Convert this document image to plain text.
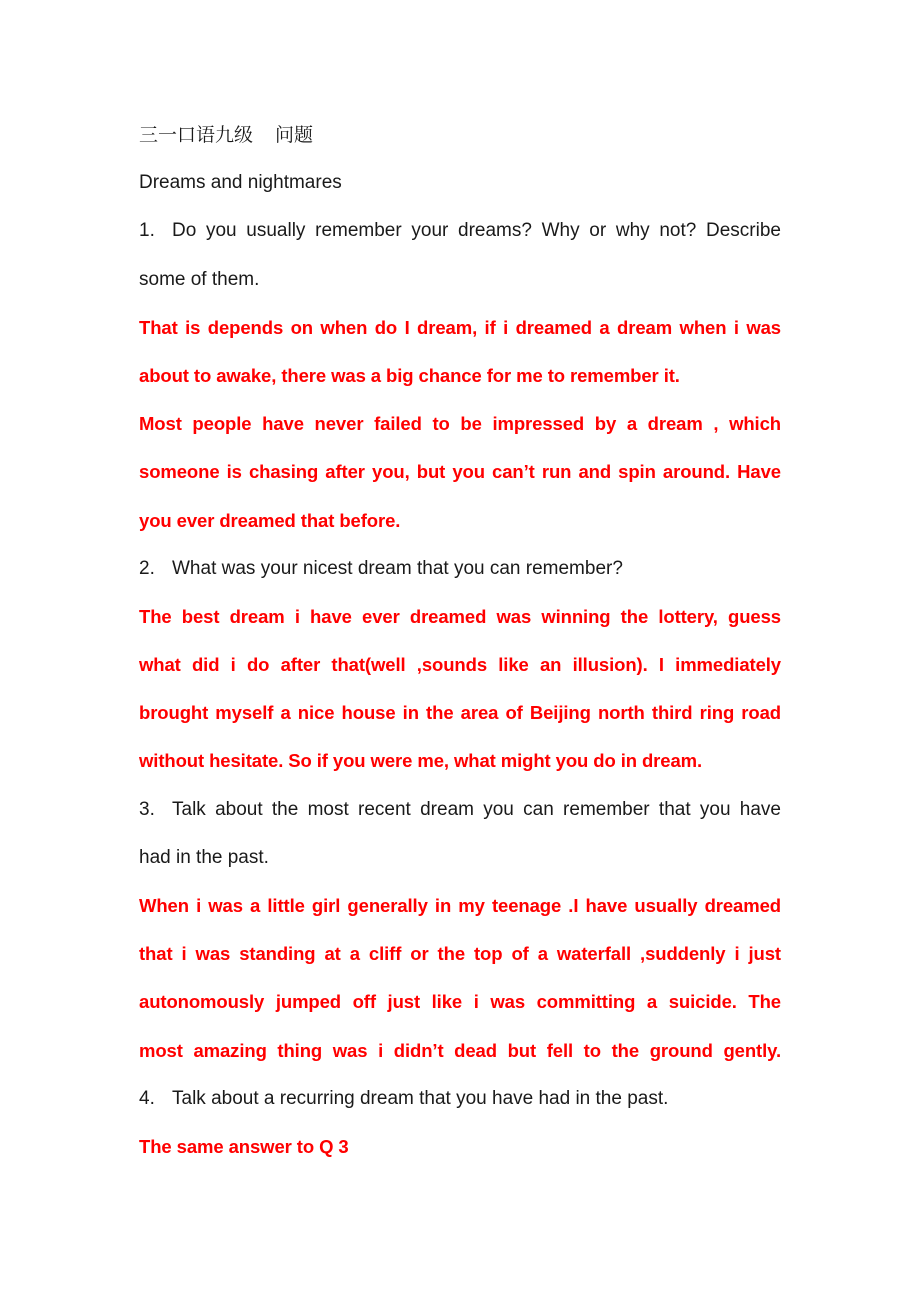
三一口语九级 问题
Dreams and nightmares
1. Do you usually remember your dreams? Why or why not? Describe
some of them.
That is depends on when do I dream, if i dreamed a dream when i was
about to awake, there was a big chance for me to remember it.
Most people have never failed to be impressed by a dream , which
someone is chasing after you, but you can’t run and spin around. Have
you ever dreamed that before.
2. What was your nicest dream that you can remember?
The best dream i have ever dreamed was winning the lottery, guess
what did i do after that(well ,sounds like an illusion). I immediately
brought myself a nice house in the area of Beijing north third ring road
without hesitate. So if you were me, what might you do in dream.
3. Talk about the most recent dream you can remember that you have
had in the past.
When i was a little girl generally in my teenage .I have usually dreamed
that i was standing at a cliff or the top of a waterfall ,suddenly i just
autonomously jumped off just like i was committing a suicide. The
most amazing thing was i didn’t dead but fell to the ground gently.
4. Talk about a recurring dream that you have had in the past.
The same answer to Q 3
